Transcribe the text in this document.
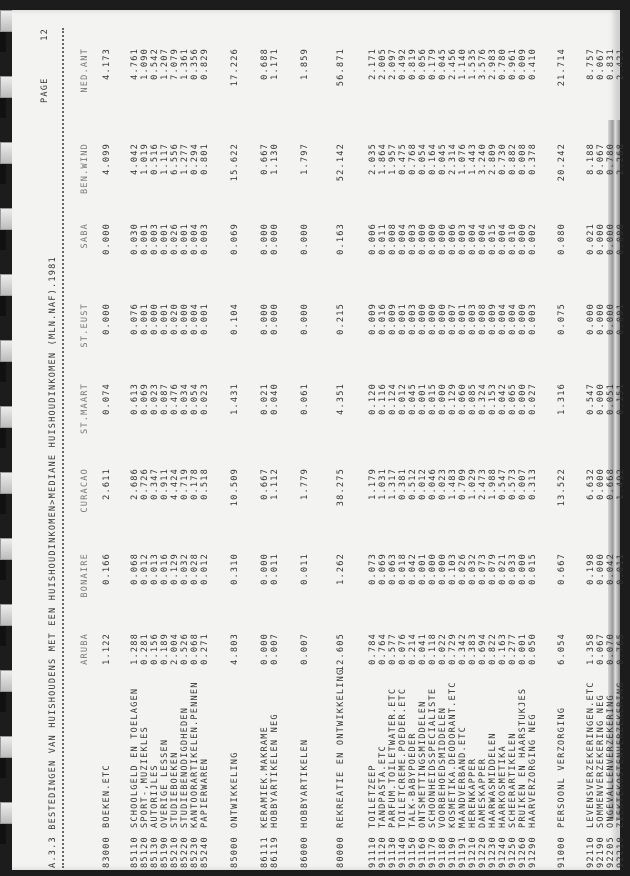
A.3.3 BESTEDINGEN VAN HUISHOUDENS MET EEN HUISHOUDINKOMEN>MEDIANE HUISHOUDINKOMEN (MLN.NAF).1981
PAGE  12
ARUBA
BONAIRE
CURACAO
ST.MAART
ST.EUST
SABA
BEN.WIND
NED.ANT
83000
BOEKEN.ETC
1.122
0.166
2.611
0.074
0.000
0.000
4.099
4.173
85110
SCHOOLGELD EN TOELAGEN
1.288
0.068
2.686
0.613
0.076
0.030
4.042
4.761
85120
SPORT-,MUZIEKLES
0.281
0.012
0.726
0.069
0.001
0.001
1.019
1.090
85130
AUTORIJLES
0.156
0.013
0.347
0.023
0.000
0.003
0.516
0.542
85190
OVERIGE LESSEN
0.189
0.016
0.911
0.087
0.001
0.001
1.117
1.207
85210
STUDIEBOEKEN
2.004
0.129
4.424
0.476
0.020
0.026
6.556
7.079
85220
STUDIEBENODIGDHEDEN
0.526
0.032
0.719
0.034
0.000
0.001
1.277
1.361
85230
KANTOORARTIKELEN.PENNEN
0.068
0.028
0.178
0.054
0.004
0.004
0.294
0.356
85240
PAPIERWAREN
0.271
0.012
0.518
0.023
0.001
0.003
0.801
0.829
85000
ONTWIKKELING
4.803
0.310
10.509
1.431
0.104
0.069
15.622
17.226
86111
KERAMIEK.MAKRAME
0.000
0.000
0.667
0.021
0.000
0.000
0.667
0.688
86119
HOBBYARTIKELEN NEG
0.007
0.011
1.112
0.040
0.000
0.000
1.130
1.171
86000
HOBBYARTIKELEN
0.007
0.011
1.779
0.061
0.000
0.000
1.797
1.859
80000
REKREATIE EN ONTWIKKELING
12.605
1.262
38.275
4.351
0.215
0.163
52.142
56.871
91110
TOILETZEEP
0.784
0.073
1.179
0.120
0.009
0.006
2.035
2.171
91120
TANDPASTA.ETC
0.764
0.069
1.031
0.116
0.016
0.011
1.864
2.005
91130
PARFUM.TOILETWATER.ETC
0.577
0.063
1.317
0.124
0.009
0.008
1.957
2.097
91140
TOILETCREME.POEDER.ETC
0.076
0.018
0.381
0.012
0.001
0.004
0.475
0.492
91150
TALK-BABYPOEDER
0.214
0.042
0.512
0.045
0.003
0.003
0.768
0.819
91160
ONTSMETTINGSMIDDELEN
0.041
0.001
0.012
0.001
0.000
0.000
0.054
0.056
91170
SCHOONHEIDSSPECIALISTE
0.118
0.000
0.046
0.015
0.000
0.000
0.164
0.179
91180
VOORBEHOEDSMIDDELEN
0.022
0.000
0.023
0.000
0.000
0.000
0.045
0.045
91190
KOSMETIKA.DEODORANT.ETC
0.729
0.103
1.483
0.129
0.007
0.006
2.314
2.456
91191
MAANDVERBAND.ETC
0.342
0.026
0.709
0.060
0.001
0.003
1.076
1.140
91210
HERENKAPPER
0.383
0.032
1.029
0.085
0.003
0.004
1.443
1.535
91220
DAMESKAPPER
0.694
0.073
2.473
0.324
0.008
0.004
3.240
3.576
91230
HAARWASMIDDELEN
0.822
0.079
1.988
0.153
0.009
0.015
2.809
2.983
91240
HAARKOSMETIKA
0.163
0.021
0.547
0.042
0.004
0.004
0.730
0.780
91250
SCHEERARTIKELEN
0.277
0.033
0.573
0.065
0.004
0.010
0.882
0.961
91260
PRUIKEN EN HAARSTUKJES
0.001
0.000
0.007
0.000
0.000
0.000
0.008
0.009
91290
HAARVERZORGING NEG
0.050
0.015
0.313
0.027
0.003
0.002
0.378
0.410
91000
PERSOONL VERZORGING
6.054
0.667
13.522
1.316
0.075
0.080
20.242
21.714
92110
LEVENSVERZEKERINGEN.ETC
1.358
0.198
6.632
0.547
0.000
0.021
8.188
8.757
92190
SOMMENVERZEKERING NEG
0.067
0.000
0.000
0.000
0.000
0.000
0.067
0.067
92205
ONGEVALLENVERZEKERING
0.070
0.042
0.668
0.051
0.000
0.000
0.780
0.831
92210
ZIEKTEKOSTENVERZEKERING
0.765
0.011
1.492
0.151
0.001
0.000
2.268
2.421
